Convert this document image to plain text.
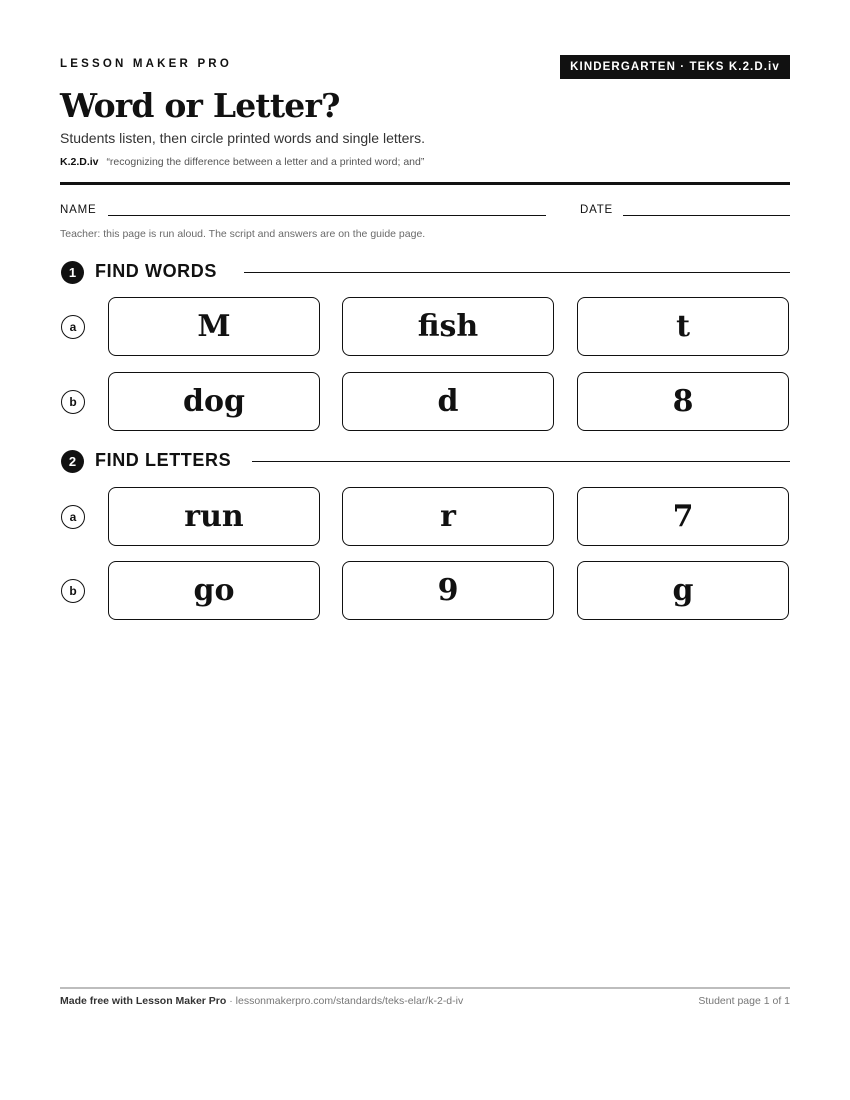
LESSON MAKER PRO	KINDERGARTEN · TEKS K.2.D.iv
Word or Letter?
Students listen, then circle printed words and single letters.
K.2.D.iv “recognizing the difference between a letter and a printed word; and”
NAME	DATE
Teacher: this page is run aloud. The script and answers are on the guide page.
1	FIND WORDS
a	M	fish	t
b	dog	d	8
2	FIND LETTERS
a	run	r	7
b	go	9	g
Made free with Lesson Maker Pro · lessonmakerpro.com/standards/teks-elar/k-2-d-iv	Student page 1 of 1
